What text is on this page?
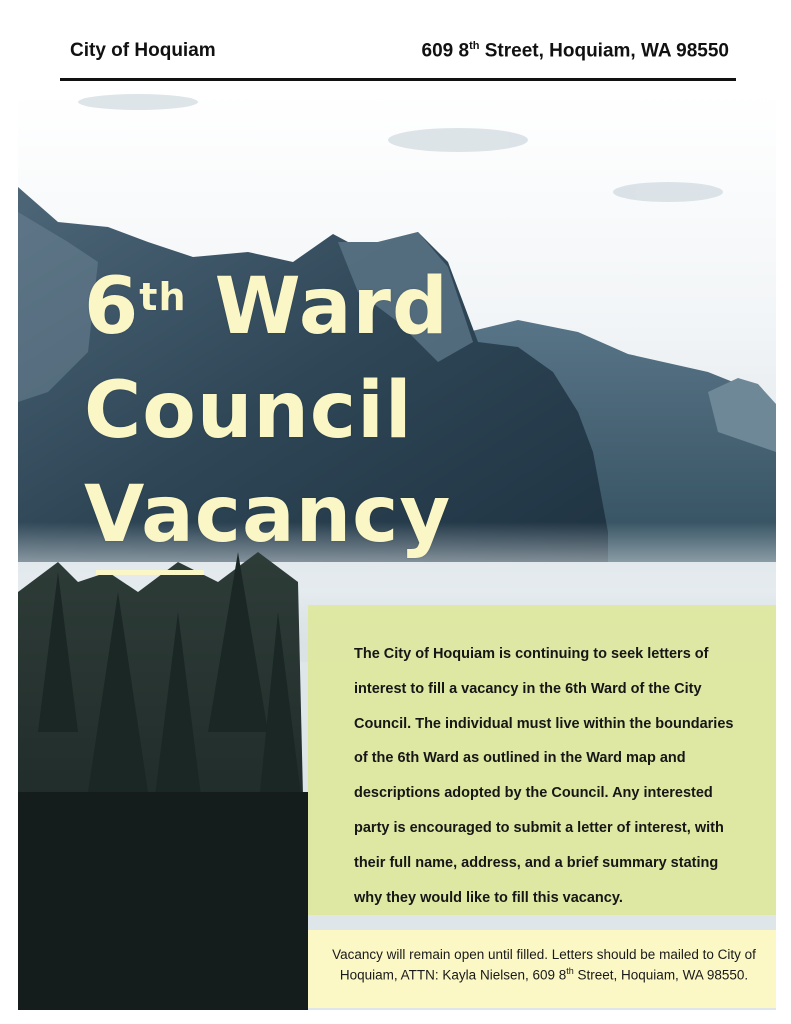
City of Hoquiam	609 8th Street, Hoquiam, WA 98550
6th Ward
Council
Vacancy

The City of Hoquiam is continuing to seek letters of
interest to fill a vacancy in the 6th Ward of the City
Council. The individual must live within the boundaries
of the 6th Ward as outlined in the Ward map and
descriptions adopted by the Council. Any interested
party is encouraged to submit a letter of interest, with
their full name, address, and a brief summary stating
why they would like to fill this vacancy.

Vacancy will remain open until filled. Letters should be mailed to City of Hoquiam, ATTN: Kayla Nielsen, 609 8th Street, Hoquiam, WA 98550.
